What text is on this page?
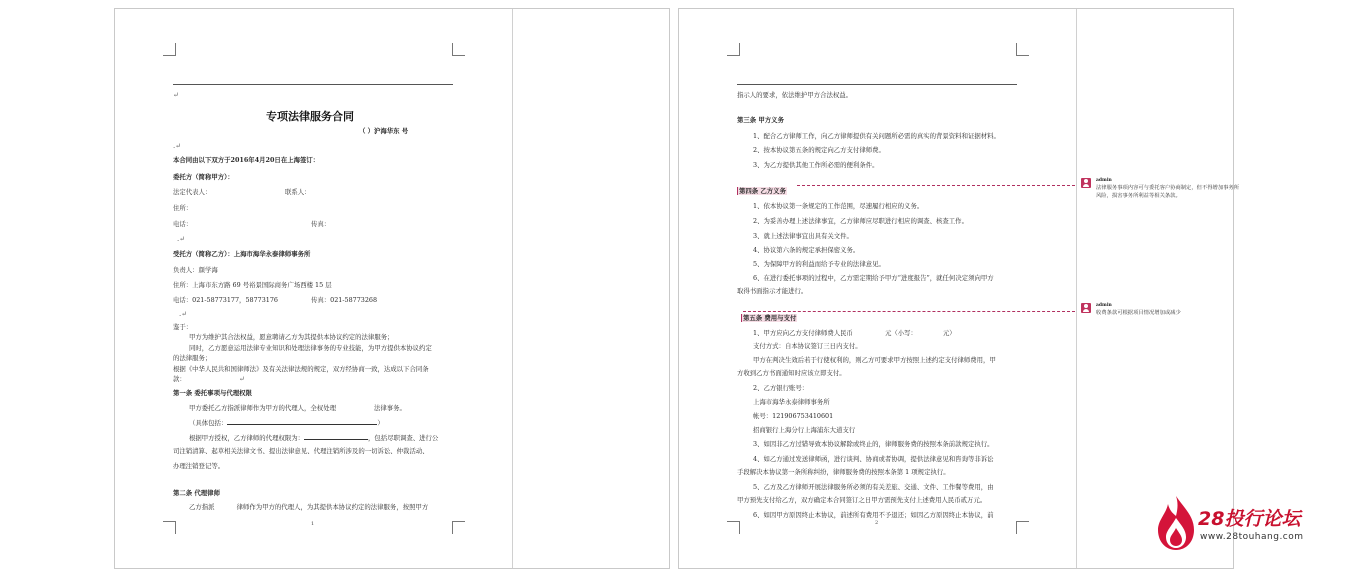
↵
专项法律服务合同
（ ）沪海华东 号
.↵
本合同由以下双方于2016年4月20日在上海签订：
委托方（简称甲方）：
法定代表人：	联系人：
住所：
电话：	传真：
.↵
受托方（简称乙方）：上海市海华永泰律师事务所
负责人：颜学海
住所：上海市东方路 69 号裕景国际商务广场西楼 15 层
电话：021-58773177，58773176	传真：021-58773268
.↵
鉴于：
甲方为维护其合法权益，愿意聘请乙方为其提供本协议约定的法律服务；
同时，乙方愿意运用法律专业知识和处理法律事务的专业技能，为甲方提供本协议约定
的法律服务；
根据《中华人民共和国律师法》及有关法律法规的规定，双方经协商一致，达成以下合同条
款：	↵
第一条 委托事项与代理权限
甲方委托乙方指派律师作为甲方的代理人，全权处理	法律事务。
（具体包括：	）
根据甲方授权，乙方律师的代理权限为：	，包括尽职调查、进行公
司注销清算、起草相关法律文书、提出法律意见、代理注销所涉及的一切诉讼、仲裁活动、
办理注销登记等。
第二条 代理律师
乙方指派	律师作为甲方的代理人，为其提供本协议约定的法律服务，按照甲方
1
指示人的要求，依法维护甲方合法权益。
第三条 甲方义务
1、配合乙方律师工作，向乙方律师提供有关问题所必需的真实的背景资料和证据材料。
2、按本协议第五条的规定向乙方支付律师费。
3、为乙方提供其他工作所必需的便利条件。
第四条 乙方义务
1、依本协议第一条规定的工作范围，尽速履行相应的义务。
2、为妥善办理上述法律事宜，乙方律师应尽职进行相应的调查、核查工作。
3、就上述法律事宜出具有关文件。
4、协议第六条的规定承担保密义务。
5、为保障甲方的利益而给予专业的法律意见。
6、在进行委托事项的过程中，乙方需定期给予甲方“进度报告”，就任何决定须向甲方
取得书面指示才能进行。
第五条 费用与支付
1、甲方应向乙方支付律师费人民币	元（小写：	元）
支付方式：自本协议签订三日内支付。
甲方在判决生效后若于行使权利的，则乙方可要求甲方按照上述约定支付律师费用，甲
方收到乙方书面通知时应该立即支付。
2、乙方银行账号：
上海市海华永泰律师事务所
帐号：121906753410601
招商银行上海分行上海浦东大道支行
3、如因非乙方过错导致本协议解除或终止的，律师服务费的按照本条前款规定执行。
4、如乙方通过发送律师函，进行谈判、协商或者协调，提供法律意见和咨询等非诉讼
手段解决本协议第一条所称纠纷，律师服务费的按照本条第 1 项规定执行。
5、乙方及乙方律师开展法律服务所必须的有关差旅、交通、文件、工作餐等费用，由
甲方预先支付给乙方，双方确定本合同签订之日甲方需预先支付上述费用人民币贰万元。
6、如因甲方原因终止本协议，前述所有费用不予退还；如因乙方原因终止本协议，前
2
admin
法律服务事项内容可与委托客户协商制定，但不得增加事务所风险，损害事务所利益等相关条款。
admin
收费条款可根据项目情况增加或减少
28投行论坛
www.28touhang.com
